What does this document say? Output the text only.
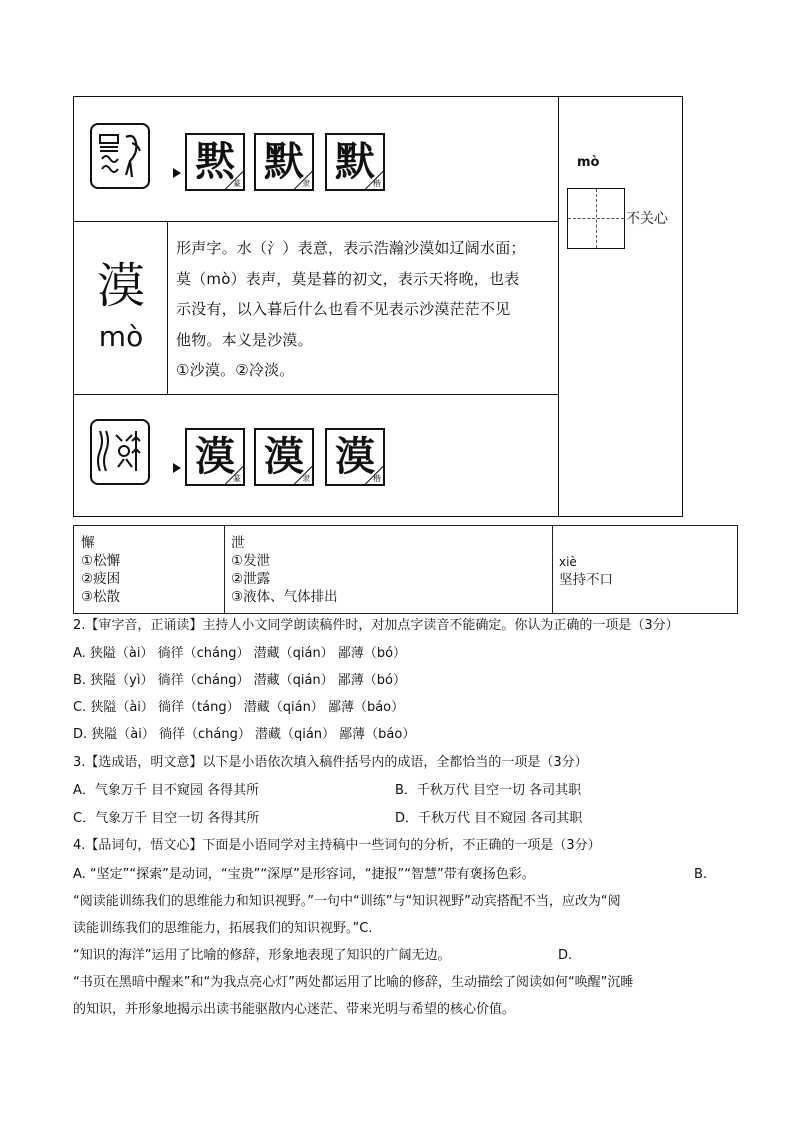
黙
篆 默
隶 默
楷
漠
mò
形声字。水（氵）表意，表示浩瀚沙漠如辽阔水面；
莫（mò）表声，莫是暮的初文，表示天将晚，也表
示没有，以入暮后什么也看不见表示沙漠茫茫不见
他物。本义是沙漠。
①沙漠。②冷淡。
mò
不关心
漠
篆 漠
隶 漠
楷
懈
①松懈
②疲困
③松散
泄
①发泄
②泄露
③液体、气体排出
xiè
坚持不口
2.【审字音，正诵读】主持人小文同学朗读稿件时，对加点字读音不能确定。你认为正确的一项是（3分）
A. 狭隘（ài） 徜徉（cháng） 潜藏（qián） 鄙薄（bó）
B. 狭隘（yì） 徜徉（cháng） 潜藏（qián） 鄙薄（bó）
C. 狭隘（ài） 徜徉（táng） 潜藏（qián） 鄙薄（báo）
D. 狭隘（ài） 徜徉（cháng） 潜藏（qián） 鄙薄（báo）
3.【选成语，明文意】以下是小语依次填入稿件括号内的成语，全都恰当的一项是（3分）
A．气象万千 目不窥园 各得其所	B．千秋万代 目空一切 各司其职
C．气象万千 目空一切 各得其所	D．千秋万代 目不窥园 各司其职
4.【品词句，悟文心】下面是小语同学对主持稿中一些词句的分析，不正确的一项是（3分）
A. “坚定”“探索”是动词，“宝贵”“深厚”是形容词，“捷报”“智慧”带有褒扬色彩。	B.
“阅读能训练我们的思维能力和知识视野。”一句中“训练”与“知识视野”动宾搭配不当，应改为“阅
读能训练我们的思维能力，拓展我们的知识视野。”C.
“知识的海洋”运用了比喻的修辞，形象地表现了知识的广阔无边。	D.
“书页在黑暗中醒来”和“为我点亮心灯”两处都运用了比喻的修辞，生动描绘了阅读如何“唤醒”沉睡
的知识，并形象地揭示出读书能驱散内心迷茫、带来光明与希望的核心价值。
